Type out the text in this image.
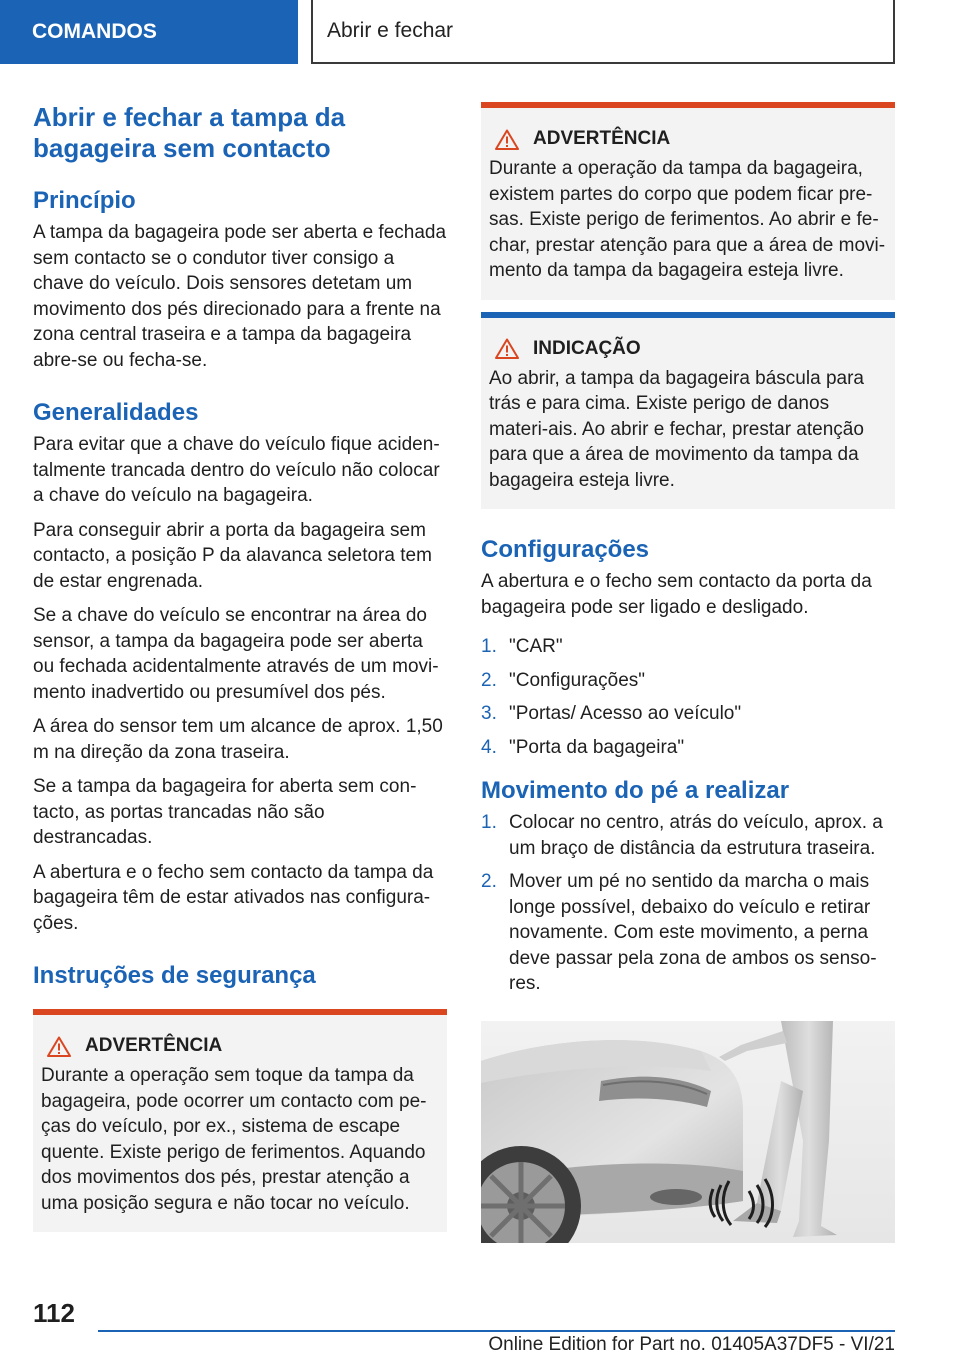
COMANDOS	Abrir e fechar
Abrir e fechar a tampa da bagageira sem contacto
Princípio

A tampa da bagageira pode ser aberta e fechada sem contacto se o condutor tiver consigo a chave do veículo. Dois sensores detetam um movimento dos pés direcionado para a frente na zona central traseira e a tampa da bagageira abre-se ou fecha-se.

Generalidades

Para evitar que a chave do veículo fique aciden-talmente trancada dentro do veículo não colocar a chave do veículo na bagageira.

Para conseguir abrir a porta da bagageira sem contacto, a posição P da alavanca seletora tem de estar engrenada.

Se a chave do veículo se encontrar na área do sensor, a tampa da bagageira pode ser aberta ou fechada acidentalmente através de um movi-mento inadvertido ou presumível dos pés.

A área do sensor tem um alcance de aprox. 1,50 m na direção da zona traseira.

Se a tampa da bagageira for aberta sem con-tacto, as portas trancadas não são destrancadas.

A abertura e o fecho sem contacto da tampa da bagageira têm de estar ativados nas configura-ções.

Instruções de segurança
ADVERTÊNCIA

Durante a operação sem toque da tampa da bagageira, pode ocorrer um contacto com pe-ças do veículo, por ex., sistema de escape quente. Existe perigo de ferimentos. Aquando dos movimentos dos pés, prestar atenção a uma posição segura e não tocar no veículo.

ADVERTÊNCIA

Durante a operação da tampa da bagageira, existem partes do corpo que podem ficar pre-sas. Existe perigo de ferimentos. Ao abrir e fe-char, prestar atenção para que a área de movi-mento da tampa da bagageira esteja livre.

INDICAÇÃO

Ao abrir, a tampa da bagageira báscula para trás e para cima. Existe perigo de danos materi-ais. Ao abrir e fechar, prestar atenção para que a área de movimento da tampa da bagageira esteja livre.

Configurações

A abertura e o fecho sem contacto da porta da bagageira pode ser ligado e desligado.

1. "CAR"
2. "Configurações"
3. "Portas/ Acesso ao veículo"
4. "Porta da bagageira"
Movimento do pé a realizar
1. Colocar no centro, atrás do veículo, aprox. a um braço de distância da estrutura traseira.
2. Mover um pé no sentido da marcha o mais longe possível, debaixo do veículo e retirar novamente. Com este movimento, a perna deve passar pela zona de ambos os senso-res.
112
Online Edition for Part no. 01405A37DF5 - VI/21
